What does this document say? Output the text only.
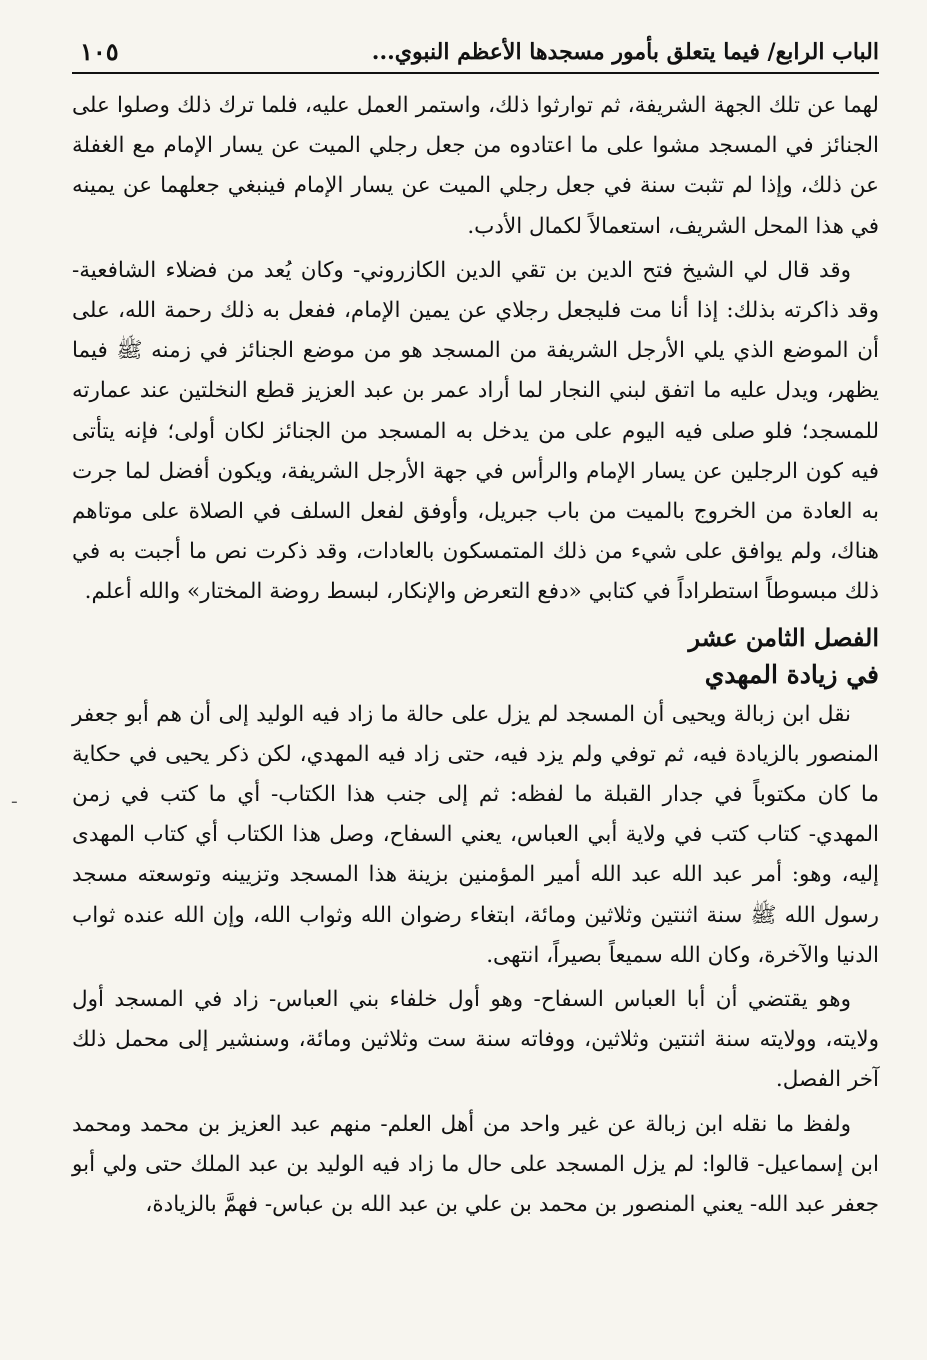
الباب الرابع/ فيما يتعلق بأمور مسجدها الأعظم النبوي...
١٠٥

لهما عن تلك الجهة الشريفة، ثم توارثوا ذلك، واستمر العمل عليه، فلما ترك ذلك وصلوا على الجنائز في المسجد مشوا على ما اعتادوه من جعل رجلي الميت عن يسار الإمام مع الغفلة عن ذلك، وإذا لم تثبت سنة في جعل رجلي الميت عن يسار الإمام فينبغي جعلهما عن يمينه في هذا المحل الشريف، استعمالاً لكمال الأدب.

وقد قال لي الشيخ فتح الدين بن تقي الدين الكازروني- وكان يُعد من فضلاء الشافعية- وقد ذاكرته بذلك: إذا أنا مت فليجعل رجلاي عن يمين الإمام، ففعل به ذلك رحمة الله، على أن الموضع الذي يلي الأرجل الشريفة من المسجد هو من موضع الجنائز في زمنه ﷺ فيما يظهر، ويدل عليه ما اتفق لبني النجار لما أراد عمر بن عبد العزيز قطع النخلتين عند عمارته للمسجد؛ فلو صلى فيه اليوم على من يدخل به المسجد من الجنائز لكان أولى؛ فإنه يتأتى فيه كون الرجلين عن يسار الإمام والرأس في جهة الأرجل الشريفة، ويكون أفضل لما جرت به العادة من الخروج بالميت من باب جبريل، وأوفق لفعل السلف في الصلاة على موتاهم هناك، ولم يوافق على شيء من ذلك المتمسكون بالعادات، وقد ذكرت نص ما أجبت به في ذلك مبسوطاً استطراداً في كتابي «دفع التعرض والإنكار، لبسط روضة المختار» والله أعلم.

الفصل الثامن عشر
في زيادة المهدي

نقل ابن زبالة ويحيى أن المسجد لم يزل على حالة ما زاد فيه الوليد إلى أن هم أبو جعفر المنصور بالزيادة فيه، ثم توفي ولم يزد فيه، حتى زاد فيه المهدي، لكن ذكر يحيى في حكاية ما كان مكتوباً في جدار القبلة ما لفظه: ثم إلى جنب هذا الكتاب- أي ما كتب في زمن المهدي- كتاب كتب في ولاية أبي العباس، يعني السفاح، وصل هذا الكتاب أي كتاب المهدى إليه، وهو: أمر عبد الله عبد الله أمير المؤمنين بزينة هذا المسجد وتزيينه وتوسعته مسجد رسول الله ﷺ سنة اثنتين وثلاثين ومائة، ابتغاء رضوان الله وثواب الله، وإن الله عنده ثواب الدنيا والآخرة، وكان الله سميعاً بصيراً، انتهى.

وهو يقتضي أن أبا العباس السفاح- وهو أول خلفاء بني العباس- زاد في المسجد أول ولايته، وولايته سنة اثنتين وثلاثين، ووفاته سنة ست وثلاثين ومائة، وسنشير إلى محمل ذلك آخر الفصل.

ولفظ ما نقله ابن زبالة عن غير واحد من أهل العلم- منهم عبد العزيز بن محمد ومحمد ابن إسماعيل- قالوا: لم يزل المسجد على حال ما زاد فيه الوليد بن عبد الملك حتى ولي أبو جعفر عبد الله- يعني المنصور بن محمد بن علي بن عبد الله بن عباس- فهمَّ بالزيادة،

ـ
